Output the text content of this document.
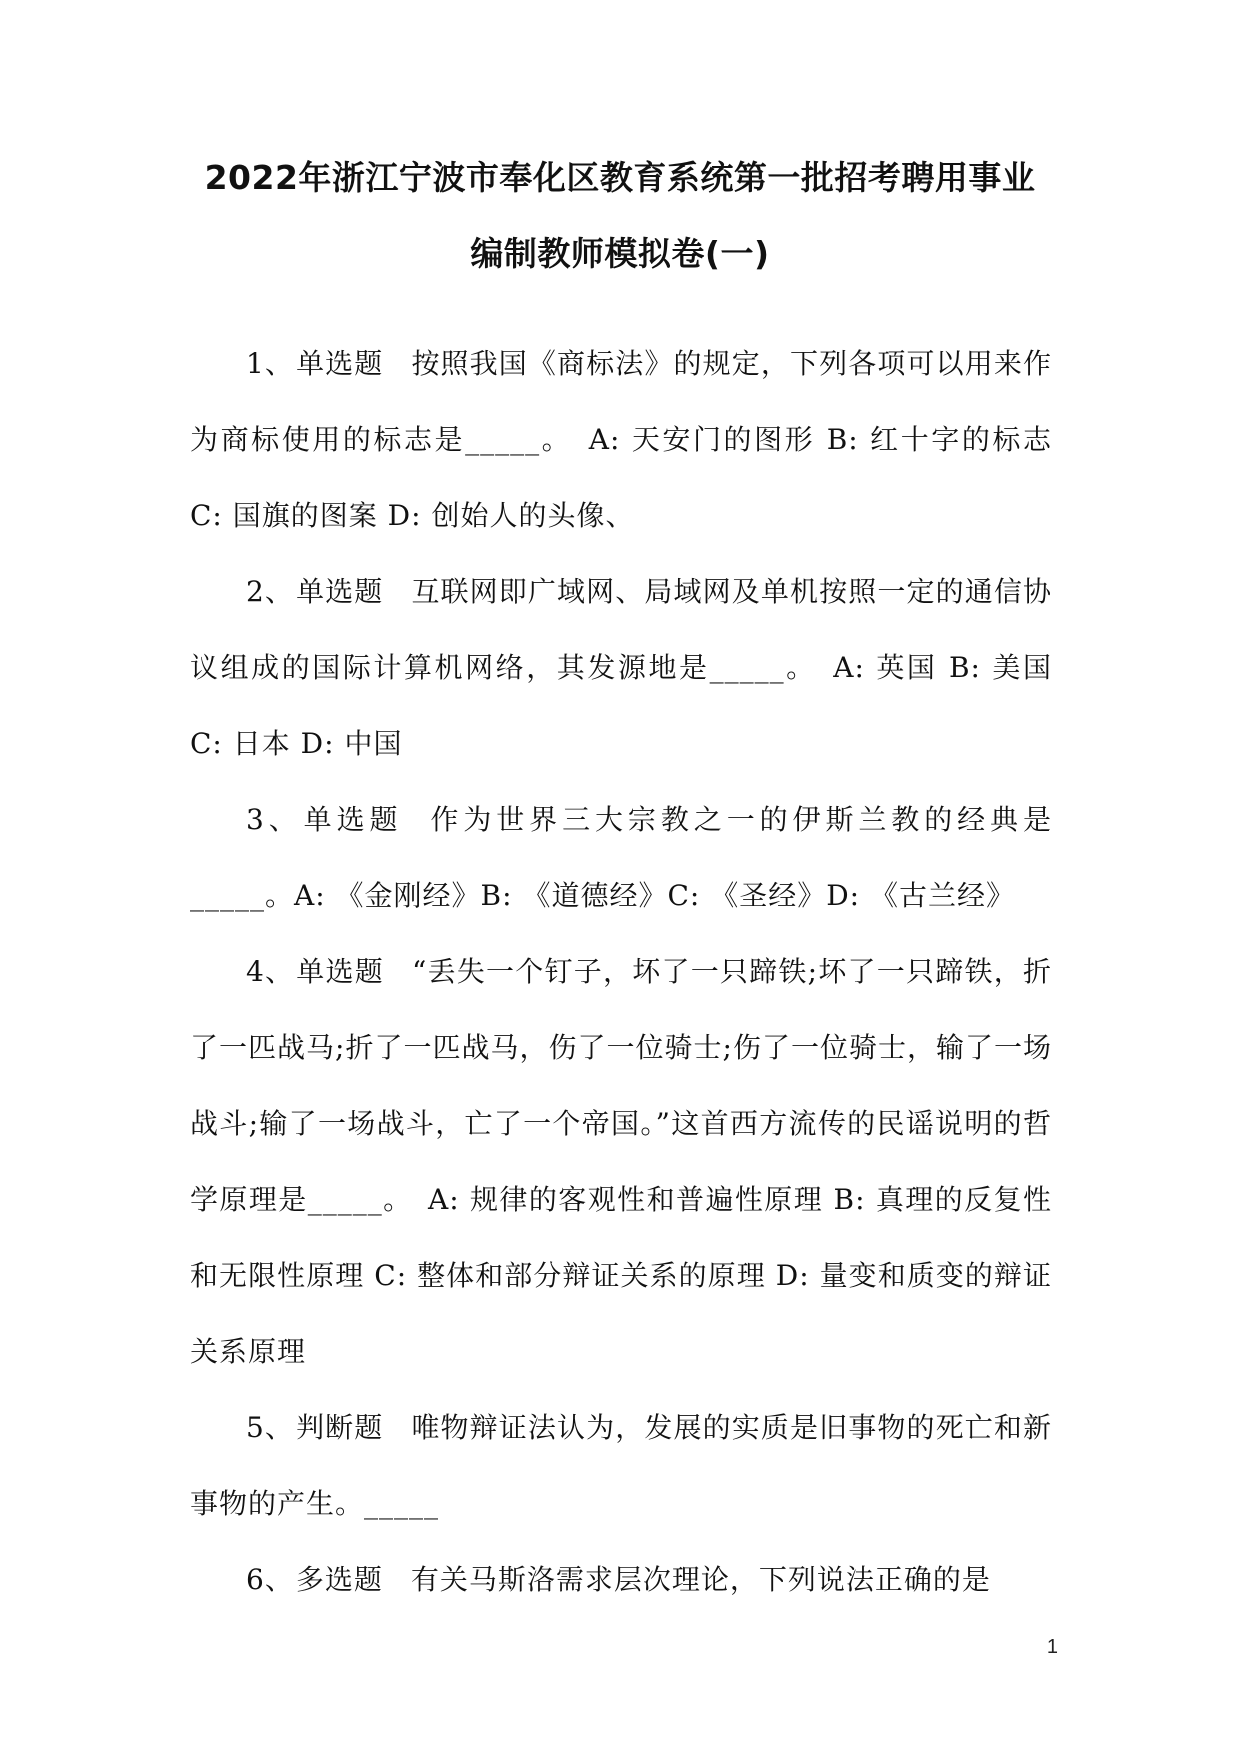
2022年浙江宁波市奉化区教育系统第一批招考聘用事业编制教师模拟卷(一)

1、单选题 按照我国《商标法》的规定，下列各项可以用来作为商标使用的标志是_____。　A: 天安门的图形 B: 红十字的标志 C: 国旗的图案 D: 创始人的头像、

2、单选题 互联网即广域网、局域网及单机按照一定的通信协议组成的国际计算机网络，其发源地是_____。　A: 英国 B: 美国 C: 日本 D: 中国

3、单选题 作为世界三大宗教之一的伊斯兰教的经典是_____。A: 《金刚经》B: 《道德经》C: 《圣经》D: 《古兰经》

4、单选题 “丢失一个钉子，坏了一只蹄铁;坏了一只蹄铁，折了一匹战马;折了一匹战马，伤了一位骑士;伤了一位骑士，输了一场战斗;输了一场战斗，亡了一个帝国。”这首西方流传的民谣说明的哲学原理是_____。　A: 规律的客观性和普遍性原理 B: 真理的反复性和无限性原理 C: 整体和部分辩证关系的原理 D: 量变和质变的辩证关系原理

5、判断题 唯物辩证法认为，发展的实质是旧事物的死亡和新事物的产生。_____

6、多选题 有关马斯洛需求层次理论，下列说法正确的是

1
